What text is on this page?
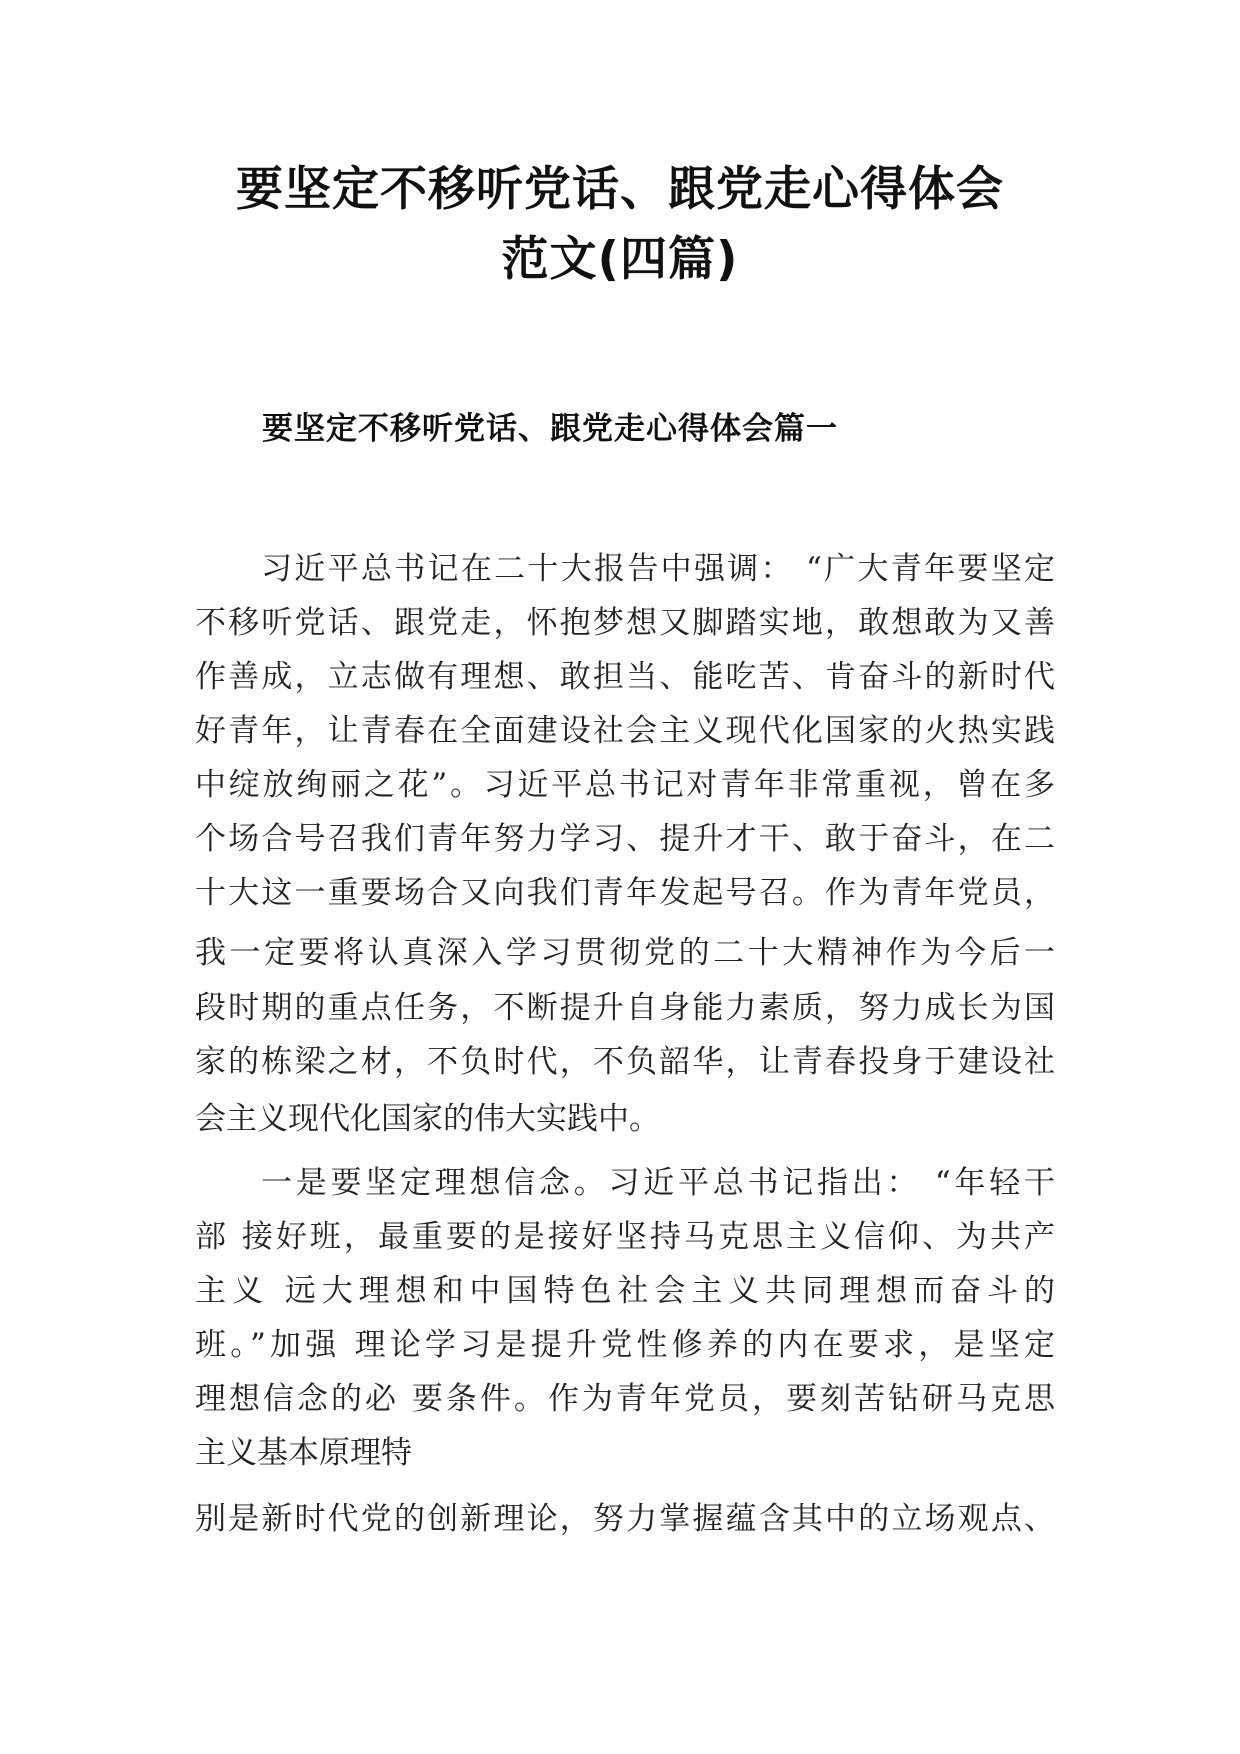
要坚定不移听党话、跟党走心得体会
范文(四篇)
要坚定不移听党话、跟党走心得体会篇一
习近平总书记在二十大报告中强调： “广大青年要坚定
不移听党话、跟党走，怀抱梦想又脚踏实地，敢想敢为又善
作善成，立志做有理想、敢担当、能吃苦、肯奋斗的新时代
好青年，让青春在全面建设社会主义现代化国家的火热实践
中绽放绚丽之花”。习近平总书记对青年非常重视，曾在多
个场合号召我们青年努力学习、提升才干、敢于奋斗，在二
十大这一重要场合又向我们青年发起号召。作为青年党员，
我一定要将认真深入学习贯彻党的二十大精神作为今后一
段时期的重点任务，不断提升自身能力素质，努力成长为国
家的栋梁之材，不负时代，不负韶华，让青春投身于建设社
会主义现代化国家的伟大实践中。
一是要坚定理想信念。习近平总书记指出： “年轻干
部 接好班，最重要的是接好坚持马克思主义信仰、为共产
主义 远大理想和中国特色社会主义共同理想而奋斗的
班。”加强 理论学习是提升党性修养的内在要求，是坚定
理想信念的必 要条件。作为青年党员，要刻苦钻研马克思
主义基本原理特
别是新时代党的创新理论，努力掌握蕴含其中的立场观点、
